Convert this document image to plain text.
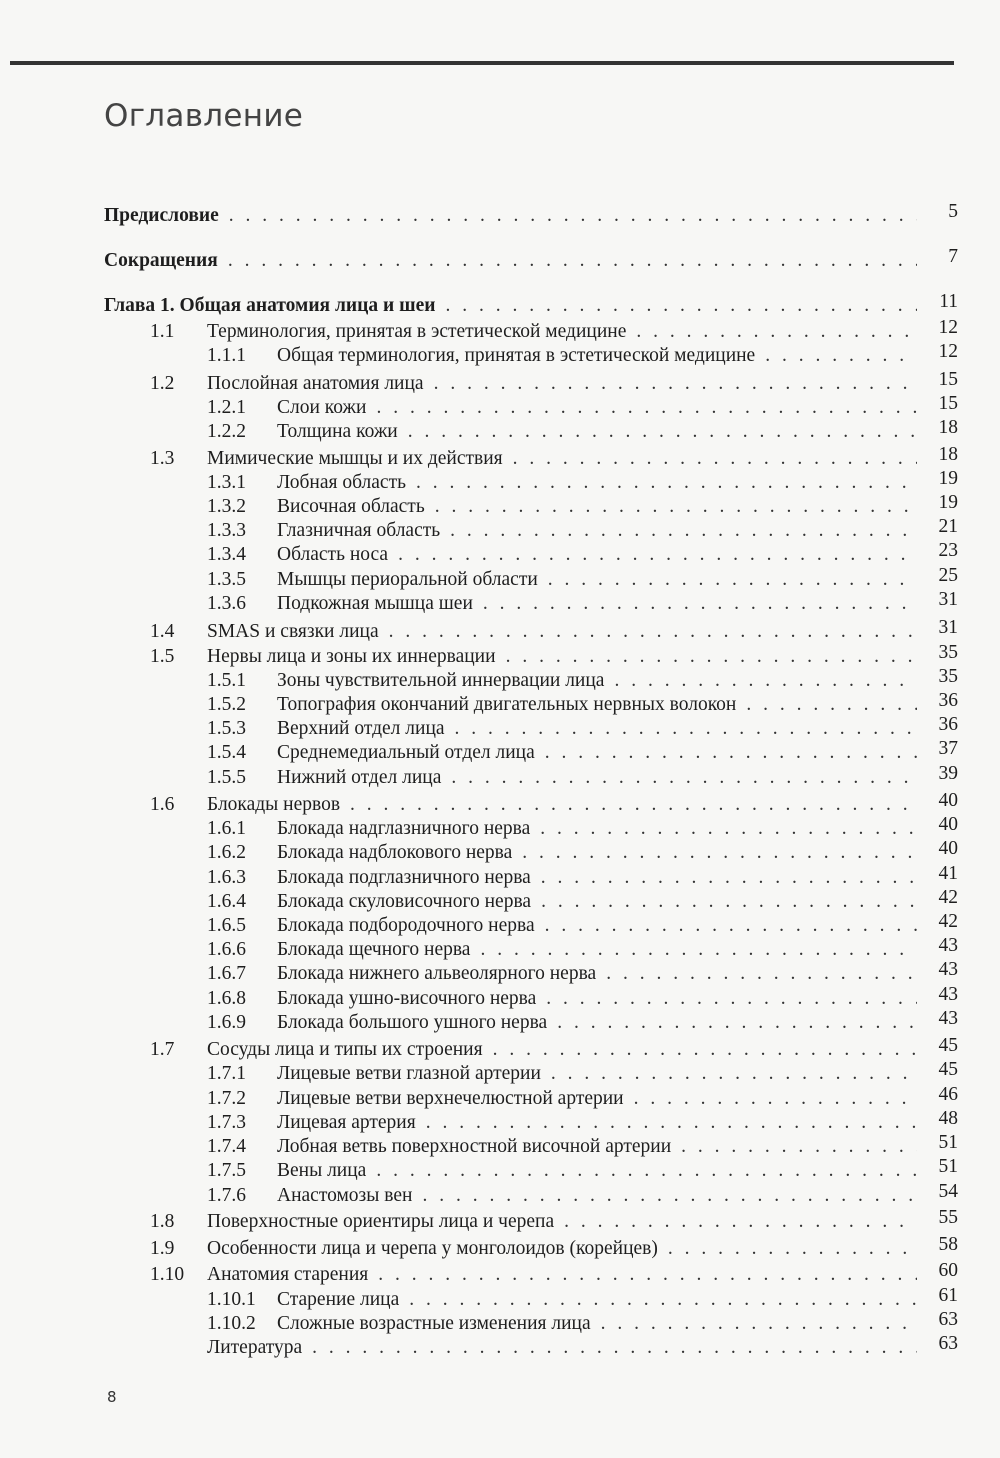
Оглавление
Предисловие . . .	5
Сокращения . . .	7
Глава 1. Общая анатомия лица и шеи . . .	11
1.1 Терминология, принятая в эстетической медицине . . .	12
1.1.1 Общая терминология, принятая в эстетической медицине . . .	12
1.2 Послойная анатомия лица . . .	15
1.2.1 Слои кожи . . .	15
1.2.2 Толщина кожи . . .	18
1.3 Мимические мышцы и их действия . . .	18
1.3.1 Лобная область . . .	19
1.3.2 Височная область . . .	19
1.3.3 Глазничная область . . .	21
1.3.4 Область носа . . .	23
1.3.5 Мышцы периоральной области . . .	25
1.3.6 Подкожная мышца шеи . . .	31
1.4 SMAS и связки лица . . .	31
1.5 Нервы лица и зоны их иннервации . . .	35
1.5.1 Зоны чувствительной иннервации лица . . .	35
1.5.2 Топография окончаний двигательных нервных волокон . . .	36
1.5.3 Верхний отдел лица . . .	36
1.5.4 Среднемедиальный отдел лица . . .	37
1.5.5 Нижний отдел лица . . .	39
1.6 Блокады нервов . . .	40
1.6.1 Блокада надглазничного нерва . . .	40
1.6.2 Блокада надблокового нерва . . .	40
1.6.3 Блокада подглазничного нерва . . .	41
1.6.4 Блокада скуловисочного нерва . . .	42
1.6.5 Блокада подбородочного нерва . . .	42
1.6.6 Блокада щечного нерва . . .	43
1.6.7 Блокада нижнего альвеолярного нерва . . .	43
1.6.8 Блокада ушно-височного нерва . . .	43
1.6.9 Блокада большого ушного нерва . . .	43
1.7 Сосуды лица и типы их строения . . .	45
1.7.1 Лицевые ветви глазной артерии . . .	45
1.7.2 Лицевые ветви верхнечелюстной артерии . . .	46
1.7.3 Лицевая артерия . . .	48
1.7.4 Лобная ветвь поверхностной височной артерии . . .	51
1.7.5 Вены лица . . .	51
1.7.6 Анастомозы вен . . .	54
1.8 Поверхностные ориентиры лица и черепа . . .	55
1.9 Особенности лица и черепа у монголоидов (корейцев) . . .	58
1.10 Анатомия старения . . .	60
1.10.1 Старение лица . . .	61
1.10.2 Сложные возрастные изменения лица . . .	63
Литература . . .	63
8
